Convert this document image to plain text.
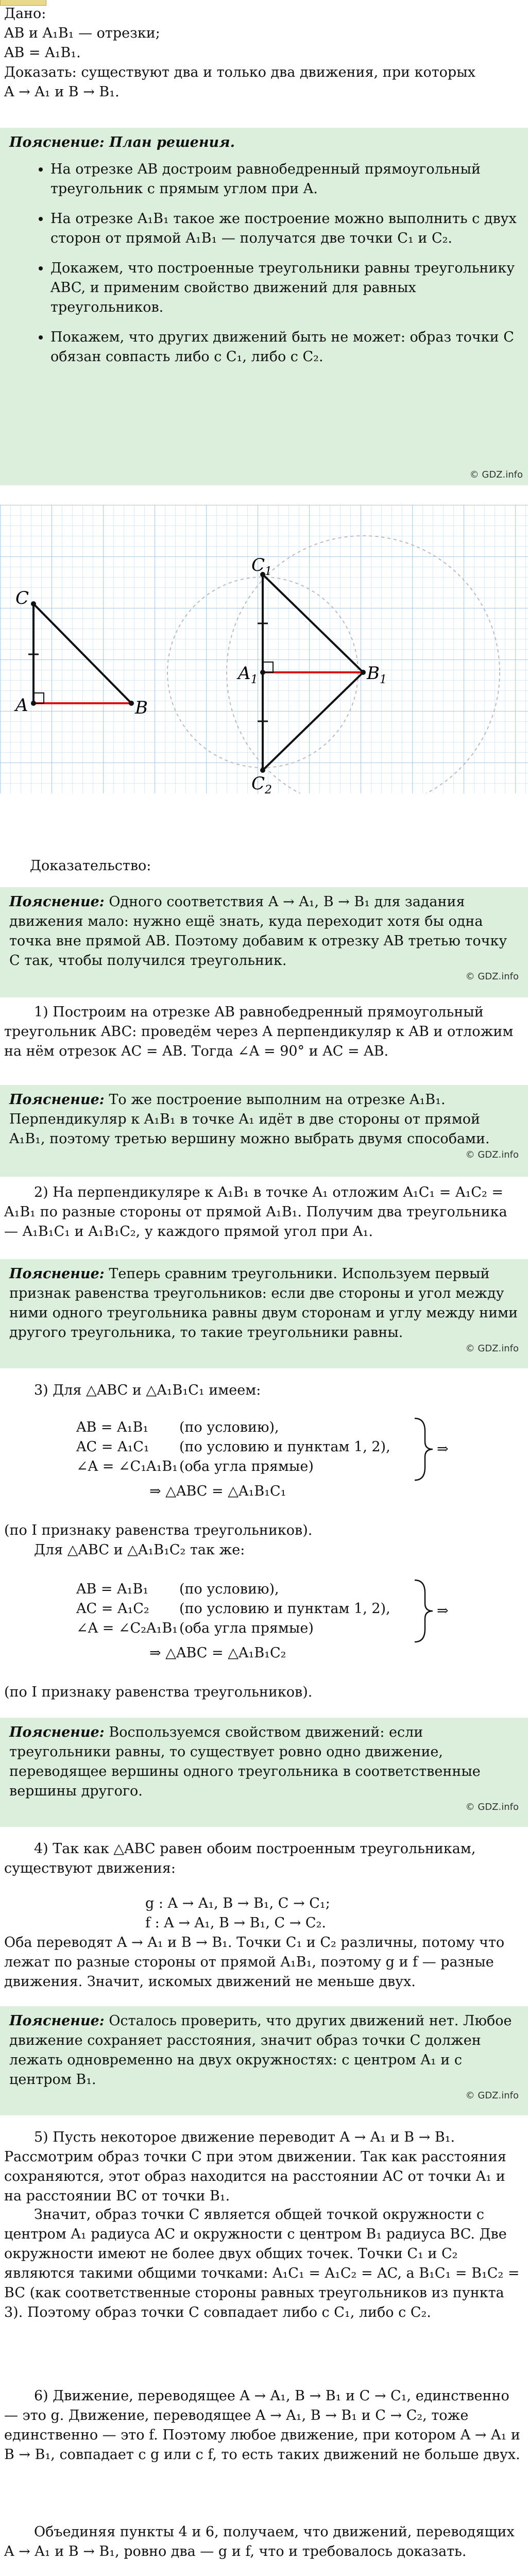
Дано:

AB и A₁B₁ — отрезки;

AB = A₁B₁.

Доказать: существуют два и только два движения, при которых

A → A₁ и B → B₁.

Пояснение: План решения.
• На отрезке AB достроим равнобедренный прямоугольный треугольник с прямым углом при A.
• На отрезке A₁B₁ такое же построение можно выполнить с двух сторон от прямой A₁B₁ — получатся две точки C₁ и C₂.
• Докажем, что построенные треугольники равны треугольнику ABC, и применим свойство движений для равных треугольников.
• Покажем, что других движений быть не может: образ точки C обязан совпасть либо с C₁, либо с C₂.
© GDZ.info
C
A	B
$C_1$
$A_1$	$B_1$
$C_2$
Доказательство:
Пояснение: Одного соответствия A → A₁, B → B₁ для задания движения мало: нужно ещё знать, куда переходит хотя бы одна точка вне прямой AB. Поэтому добавим к отрезку AB третью точку C так, чтобы получился треугольник.
© GDZ.info
1) Построим на отрезке AB равнобедренный прямоугольный треугольник ABC: проведём через A перпендикуляр к AB и отложим на нём отрезок AC = AB. Тогда ∠A = 90° и AC = AB.
Пояснение: То же построение выполним на отрезке A₁B₁. Перпендикуляр к A₁B₁ в точке A₁ идёт в две стороны от прямой A₁B₁, поэтому третью вершину можно выбрать двумя способами.
© GDZ.info
2) На перпендикуляре к A₁B₁ в точке A₁ отложим A₁C₁ = A₁C₂ = A₁B₁ по разные стороны от прямой A₁B₁. Получим два треугольника — A₁B₁C₁ и A₁B₁C₂, у каждого прямой угол при A₁.
Пояснение: Теперь сравним треугольники. Используем первый признак равенства треугольников: если две стороны и угол между ними одного треугольника равны двум сторонам и углу между ними другого треугольника, то такие треугольники равны.
© GDZ.info
3) Для △ABC и △A₁B₁C₁ имеем:
AB = A₁B₁	(по условию),
AC = A₁C₁	(по условию и пунктам 1, 2),
∠A = ∠C₁A₁B₁ (оба угла прямые)
⇒
⇒ △ABC = △A₁B₁C₁
(по I признаку равенства треугольников).
Для △ABC и △A₁B₁C₂ так же:
AB = A₁B₁	(по условию),
AC = A₁C₂	(по условию и пунктам 1, 2),
∠A = ∠C₂A₁B₁ (оба угла прямые)
⇒
⇒ △ABC = △A₁B₁C₂
(по I признаку равенства треугольников).
Пояснение: Воспользуемся свойством движений: если треугольники равны, то существует ровно одно движение, переводящее вершины одного треугольника в соответственные вершины другого.
© GDZ.info
4) Так как △ABC равен обоим построенным треугольникам, существуют движения:
g : A → A₁, B → B₁, C → C₁;
f : A → A₁, B → B₁, C → C₂.
Оба переводят A → A₁ и B → B₁. Точки C₁ и C₂ различны, потому что лежат по разные стороны от прямой A₁B₁, поэтому g и f — разные движения. Значит, искомых движений не меньше двух.
Пояснение: Осталось проверить, что других движений нет. Любое движение сохраняет расстояния, значит образ точки C должен лежать одновременно на двух окружностях: с центром A₁ и с центром B₁.
© GDZ.info
5) Пусть некоторое движение переводит A → A₁ и B → B₁. Рассмотрим образ точки C при этом движении. Так как расстояния сохраняются, этот образ находится на расстоянии AC от точки A₁ и на расстоянии BC от точки B₁.
Значит, образ точки C является общей точкой окружности с центром A₁ радиуса AC и окружности с центром B₁ радиуса BC. Две окружности имеют не более двух общих точек. Точки C₁ и C₂ являются такими общими точками: A₁C₁ = A₁C₂ = AC, а B₁C₁ = B₁C₂ = BC (как соответственные стороны равных треугольников из пункта 3). Поэтому образ точки C совпадает либо с C₁, либо с C₂.
6) Движение, переводящее A → A₁, B → B₁ и C → C₁, единственно — это g. Движение, переводящее A → A₁, B → B₁ и C → C₂, тоже единственно — это f. Поэтому любое движение, при котором A → A₁ и B → B₁, совпадает с g или с f, то есть таких движений не больше двух.
Объединяя пункты 4 и 6, получаем, что движений, переводящих A → A₁ и B → B₁, ровно два — g и f, что и требовалось доказать.
